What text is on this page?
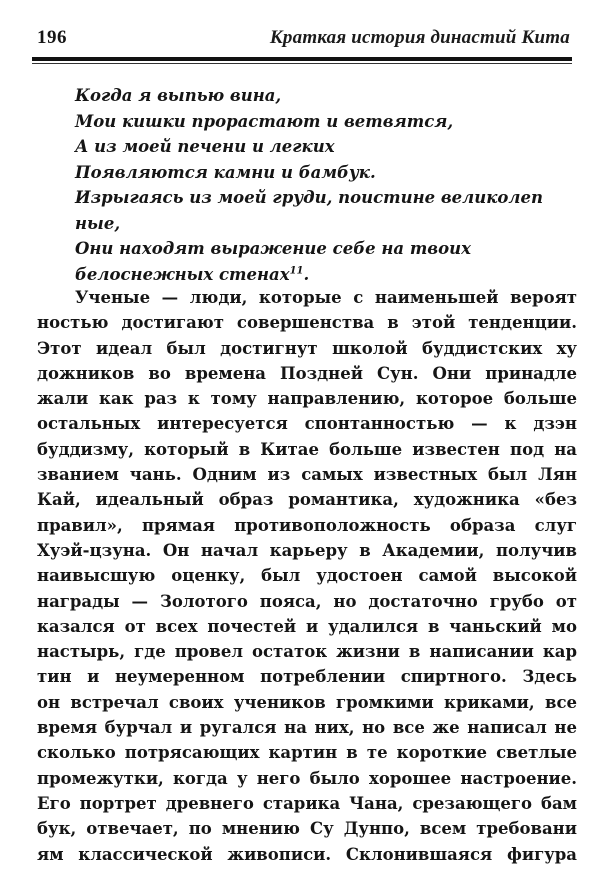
196	Краткая история династий Кита
Когда я выпью вина,
Мои кишки прорастают и ветвятся,
А из моей печени и легких
Появляются камни и бамбук.
Изрыгаясь из моей груди, поистине великолеп
ные,
Они находят выражение себе на твоих
белоснежных стенах$^{11}$.
Ученые — люди, которые с наименьшей вероят
ностью достигают совершенства в этой тенденции.
Этот идеал был достигнут школой буддистских ху
дожников во времена Поздней Сун. Они принадле
жали как раз к тому направлению, которое больше
остальных интересуется спонтанностью — к дзэн
буддизму, который в Китае больше известен под на
званием чань. Одним из самых известных был Лян
Кай, идеальный образ романтика, художника «без
правил», прямая противоположность образа слуг
Хуэй-цзуна. Он начал карьеру в Академии, получив
наивысшую оценку, был удостоен самой высокой
награды — Золотого пояса, но достаточно грубо от
казался от всех почестей и удалился в чаньский мо
настырь, где провел остаток жизни в написании кар
тин и неумеренном потреблении спиртного. Здесь
он встречал своих учеников громкими криками, все
время бурчал и ругался на них, но все же написал не
сколько потрясающих картин в те короткие светлые
промежутки, когда у него было хорошее настроение.
Его портрет древнего старика Чана, срезающего бам
бук, отвечает, по мнению Су Дунпо, всем требовани
ям классической живописи. Склонившаяся фигура
